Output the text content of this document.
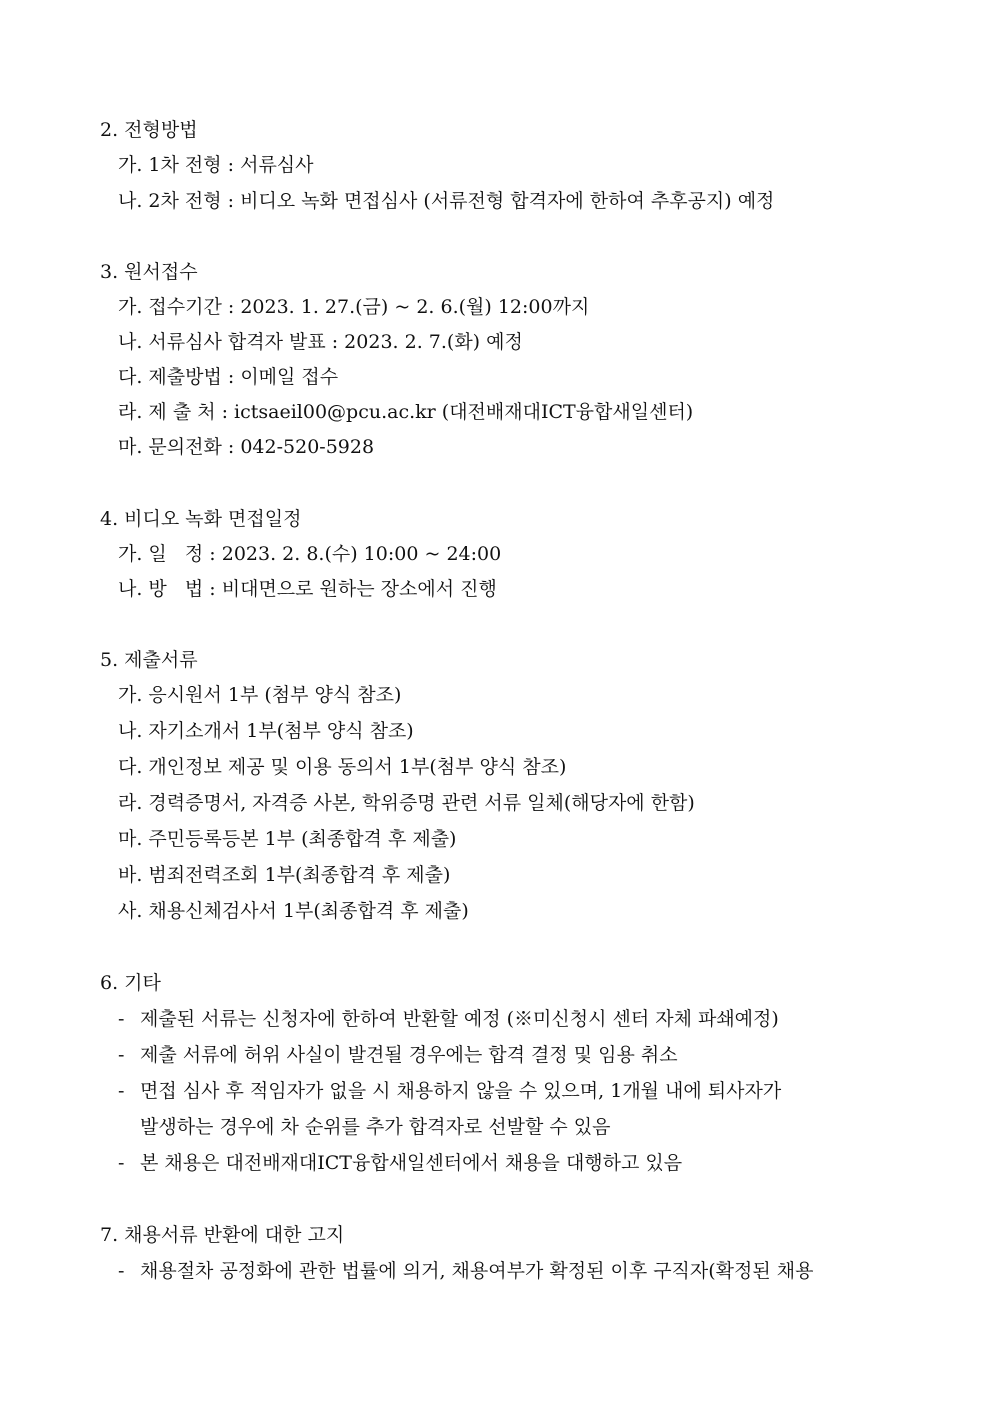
2. 전형방법
가. 1차 전형 : 서류심사
나. 2차 전형 : 비디오 녹화 면접심사 (서류전형 합격자에 한하여 추후공지) 예정
3. 원서접수
가. 접수기간 : 2023. 1. 27.(금) ~ 2. 6.(월) 12:00까지
나. 서류심사 합격자 발표 : 2023. 2. 7.(화) 예정
다. 제출방법 : 이메일 접수
라. 제 출 처 : ictsaeil00@pcu.ac.kr (대전배재대ICT융합새일센터)
마. 문의전화 : 042-520-5928
4. 비디오 녹화 면접일정
가. 일   정 : 2023. 2. 8.(수) 10:00 ~ 24:00
나. 방   법 : 비대면으로 원하는 장소에서 진행
5. 제출서류
가. 응시원서 1부 (첨부 양식 참조)
나. 자기소개서 1부(첨부 양식 참조)
다. 개인정보 제공 및 이용 동의서 1부(첨부 양식 참조)
라. 경력증명서, 자격증 사본, 학위증명 관련 서류 일체(해당자에 한함)
마. 주민등록등본 1부 (최종합격 후 제출)
바. 범죄전력조회 1부(최종합격 후 제출)
사. 채용신체검사서 1부(최종합격 후 제출)
6. 기타
- 제출된 서류는 신청자에 한하여 반환할 예정 (※미신청시 센터 자체 파쇄예정)
- 제출 서류에 허위 사실이 발견될 경우에는 합격 결정 및 임용 취소
- 면접 심사 후 적임자가 없을 시 채용하지 않을 수 있으며, 1개월 내에 퇴사자가
발생하는 경우에 차 순위를 추가 합격자로 선발할 수 있음
- 본 채용은 대전배재대ICT융합새일센터에서 채용을 대행하고 있음
7. 채용서류 반환에 대한 고지
- 채용절차 공정화에 관한 법률에 의거, 채용여부가 확정된 이후 구직자(확정된 채용
